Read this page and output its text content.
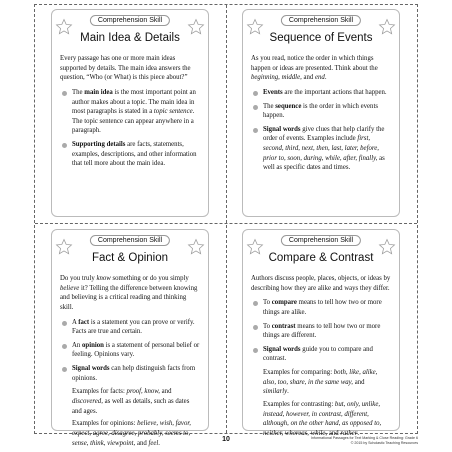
Comprehension Skill
Main Idea & Details

Every passage has one or more main ideas supported by details. The main idea answers the question, “Who (or What) is this piece about?”

The main idea is the most important point an author makes about a topic. The main idea in most paragraphs is stated in a topic sentence. The topic sentence can appear anywhere in a paragraph.
Supporting details are facts, statements, examples, descriptions, and other information that tell more about the main idea.
Comprehension Skill
Sequence of Events

As you read, notice the order in which things happen or ideas are presented. Think about the beginning, middle, and end.

Events are the important actions that happen.
The sequence is the order in which events happen.
Signal words give clues that help clarify the order of events. Examples include first, second, third, next, then, last, later, before, prior to, soon, during, while, after, finally, as well as specific dates and times.
Comprehension Skill
Fact & Opinion

Do you truly know something or do you simply believe it? Telling the difference between knowing and believing is a critical reading and thinking skill.

A fact is a statement you can prove or verify. Facts are true and certain.
An opinion is a statement of personal belief or feeling. Opinions vary.
Signal words can help distinguish facts from opinions.

Examples for facts: proof, know, and discovered, as well as details, such as dates and ages.

Examples for opinions: believe, wish, favor, expect, agree, disagree, probably, seems to, sense, think, viewpoint, and feel.

Comprehension Skill
Compare & Contrast

Authors discuss people, places, objects, or ideas by describing how they are alike and ways they differ.

To compare means to tell how two or more things are alike.
To contrast means to tell how two or more things are different.
Signal words guide you to compare and contrast.

Examples for comparing: both, like, alike, also, too, share, in the same way, and similarly.

Examples for contrasting: but, only, unlike, instead, however, in contrast, different, although, on the other hand, as opposed to, neither, whereas, while, and rather.

10	Informational Passages for Text Marking & Close Reading: Grade 6
© 2015 by Scholastic Teaching Resources
